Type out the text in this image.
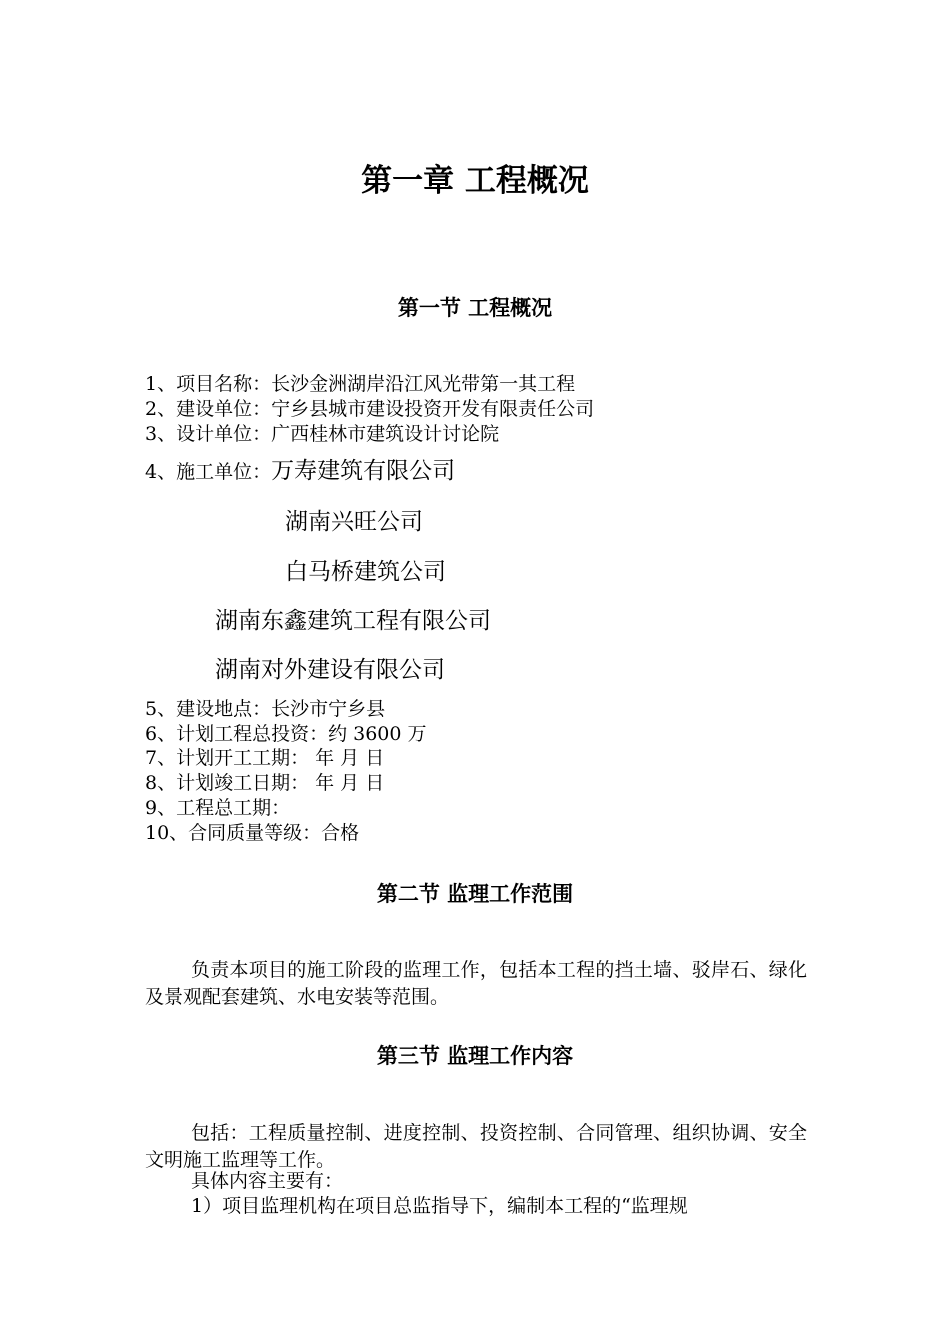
第一章 工程概况
第一节 工程概况
1、项目名称：长沙金洲湖岸沿江风光带第一其工程
2、建设单位：宁乡县城市建设投资开发有限责任公司
3、设计单位：广西桂林市建筑设计讨论院
4、施工单位：万寿建筑有限公司
湖南兴旺公司
白马桥建筑公司
湖南东鑫建筑工程有限公司
湖南对外建设有限公司
5、建设地点：长沙市宁乡县
6、计划工程总投资：约 3600 万
7、计划开工工期： 年 月 日
8、计划竣工日期： 年 月 日
9、工程总工期：
10、合同质量等级：合格
第二节 监理工作范围
负责本项目的施工阶段的监理工作，包括本工程的挡土墙、驳岸石、绿化及景观配套建筑、水电安装等范围。
第三节 监理工作内容
包括：工程质量控制、进度控制、投资控制、合同管理、组织协调、安全文明施工监理等工作。
具体内容主要有：
1）项目监理机构在项目总监指导下，编制本工程的“监理规
